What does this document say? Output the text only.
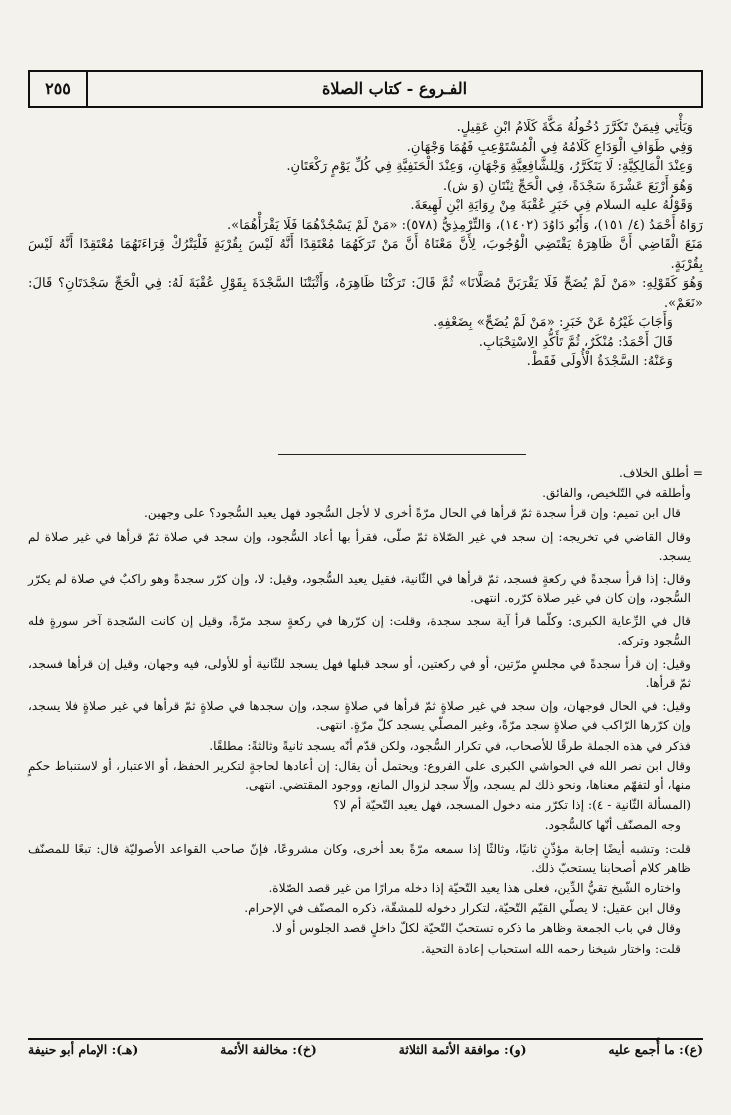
الفـروع - كتاب الصلاة
٢٥٥

وَيَأْتِي فِيمَنْ تَكَرَّرَ دُخُولُهُ مَكَّةَ كَلَامُ ابْنِ عَقِيلٍ.

وَفِي طَوَافِ الْوَدَاعِ كَلَامُهُ فِي الْمُسْتَوْعِبِ فَهُمَا وَجْهَانِ.

وَعِنْدَ الْمَالِكِيَّةِ: لَا يَتَكَرَّرُ، وَلِلشَّافِعِيَّةِ وَجْهَانِ، وَعِنْدَ الْحَنَفِيَّةِ فِي كُلِّ يَوْمٍ رَكْعَتَانِ.

وَهُوَ أَرْبَعَ عَشْرَةَ سَجْدَةً، فِي الْحَجِّ ثِنْتَانِ (وَ ش).

وَقَوْلُهُ عليه السلام فِي خَبَرِ عُقْبَةَ مِنْ رِوَايَةِ ابْنِ لَهِيعَةَ.

رَوَاهُ أَحْمَدُ (٤/ ١٥١)، وَأَبُو دَاوُدَ (١٤٠٢)، وَالتِّرْمِذِيُّ (٥٧٨): «مَنْ لَمْ يَسْجُدْهُمَا فَلَا يَقْرَأْهُمَا».

مَنَعَ الْقَاضِي أَنَّ ظَاهِرَهُ يَقْتَضِي الْوُجُوبَ، لِأَنَّ مَعْنَاهُ أَنَّ مَنْ تَرَكَهُمَا مُعْتَقِدًا أَنَّهُ لَيْسَ بِقُرْبَةٍ فَلْيَتْرُكْ قِرَاءَتَهُمَا مُعْتَقِدًا أَنَّهُ لَيْسَ بِقُرْبَةٍ.

وَهُوَ كَقَوْلِهِ: «مَنْ لَمْ يُضَحِّ فَلَا يَقْرَبَنَّ مُصَلَّانَا» ثُمَّ قَالَ: تَرَكْنَا ظَاهِرَهُ، وَأَثْبَتْنَا السَّجْدَةَ بِقَوْلِ عُقْبَةَ لَهُ: فِي الْحَجِّ سَجْدَتَانِ؟ قَالَ: «نَعَمْ».

وَأَجَابَ غَيْرُهُ عَنْ خَبَرِ: «مَنْ لَمْ يُضَحِّ» بِضَعْفِهِ.

قَالَ أَحْمَدُ: مُنْكَرٌ، ثُمَّ تَأَكُّدِ الِاسْتِحْبَابِ.

وَعَنْهُ: السَّجْدَةُ الْأُولَى فَقَطْ.

= أطلق الخلاف.

وأطلقه في التّلخيص، والفائق.

قال ابن تميم: وإن قرأ سجدة ثمّ قرأها في الحال مرّةً أخرى لا لأجل السُّجود فهل يعيد السُّجود؟ على وجهين.

وقال القاضي في تخريجه: إن سجد في غير الصّلاة ثمّ صلّى، فقرأ بها أعاد السُّجود، وإن سجد في صلاة ثمّ قرأها في غير صلاة لم يسجد.

وقال: إذا قرأ سجدةً في ركعةٍ فسجد، ثمّ قرأها في الثّانية، فقيل يعيد السُّجود، وقيل: لا، وإن كرّر سجدةً وهو راكبٌ في صلاة لم يكرّر السُّجود، وإن كان في غير صلاة كرّره. انتهى.

قال في الرِّعاية الكبرى: وكلّما قرأ آية سجد سجدة، وقلت: إن كرّرها في ركعةٍ سجد مرّةً، وقيل إن كانت السّجدة آخر سورةٍ فله السُّجود وتركه.

وقيل: إن قرأ سجدةً في مجلسٍ مرّتين، أو في ركعتين، أو سجد قبلها فهل يسجد للثّانية أو للأولى، فيه وجهان، وقيل إن قرأها فسجد، ثمّ قرأها.

وقيل: في الحال فوجهان، وإن سجد في غير صلاةٍ ثمّ قرأها في صلاةٍ سجد، وإن سجدها في صلاةٍ ثمّ قرأها في غير صلاةٍ فلا يسجد، وإن كرّرها الرّاكب في صلاةٍ سجد مرّةً، وغير المصلّي يسجد كلّ مرّةٍ. انتهى.

فذكر في هذه الجملة طرقًا للأصحاب، في تكرار السُّجود، ولكن قدّم أنّه يسجد ثانيةً وثالثةً: مطلقًا.

وقال ابن نصر الله في الحواشي الكبرى على الفروع: ويحتمل أن يقال: إن أعادها لحاجةٍ لتكرير الحفظ، أو الاعتبار، أو لاستنباط حكمٍ منها، أو لتفهّم معناها، ونحو ذلك لم يسجد، وإلّا سجد لزوال المانع، ووجود المقتضي. انتهى.

(المسألة الثّانية - ٤): إذا تكرّر منه دخول المسجد، فهل يعيد التّحيّة أم لا؟

وجه المصنّف أنّها كالسُّجود.

قلت: وتشبه أيضًا إجابة مؤذّنٍ ثانيًا، وثالثًا إذا سمعه مرّةً بعد أخرى، وكان مشروعًا، فإنّ صاحب القواعد الأصوليّة قال: تبعًا للمصنّف ظاهر كلام أصحابنا يستحبّ ذلك.

واختاره الشّيخ تقيُّ الدِّين، فعلى هذا يعيد التّحيّة إذا دخله مرارًا من غير قصد الصّلاة.

وقال ابن عقيل: لا يصلّي القيّم التّحيّة، لتكرار دخوله للمشقّة، ذكره المصنّف في الإحرام.

وقال في باب الجمعة وظاهر ما ذكره تستحبّ التّحيّة لكلّ داخلٍ قصد الجلوس أو لا.

قلت: واختار شيخنا رحمه الله استحباب إعادة التحية.

(ع): ما أُجمع عليه
(و): موافقة الأئمة الثلاثة
(خ): مخالفة الأئمة
(هـ): الإمام أبو حنيفة
